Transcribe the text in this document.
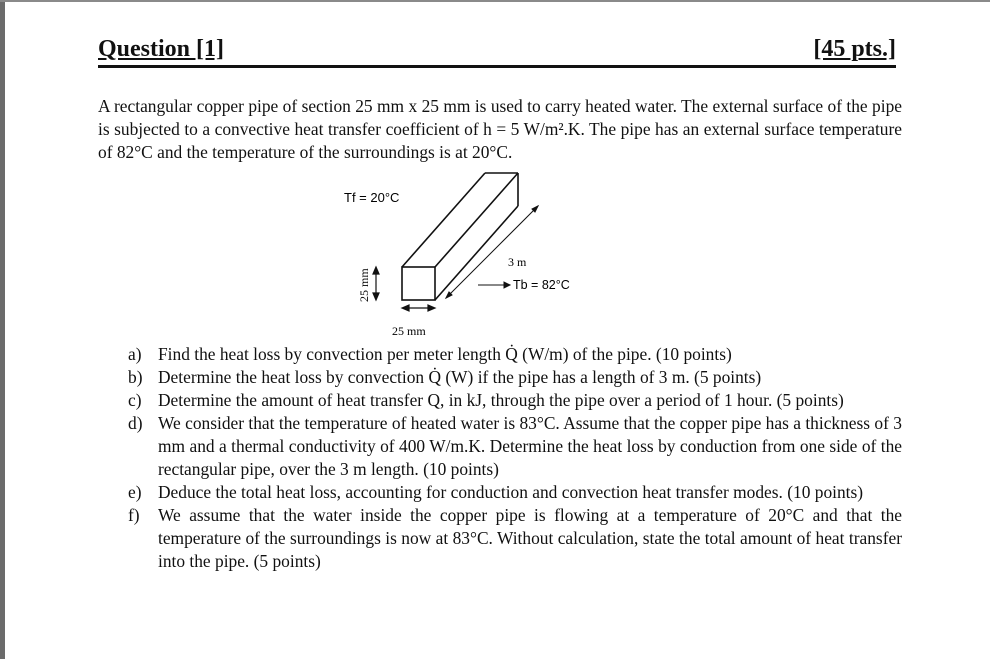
Question [1]	[45 pts.]

A rectangular copper pipe of section 25 mm x 25 mm is used to carry heated water. The external surface of the pipe is subjected to a convective heat transfer coefficient of h = 5 W/m².K. The pipe has an external surface temperature of 82°C and the temperature of the surroundings is at 20°C.

Tf = 20°C
3 m
Tb = 82°C
25 mm
25 mm
a) Find the heat loss by convection per meter length Q̇ (W/m) of the pipe. (10 points)
b) Determine the heat loss by convection Q̇ (W) if the pipe has a length of 3 m. (5 points)
c) Determine the amount of heat transfer Q, in kJ, through the pipe over a period of 1 hour. (5 points)
d) We consider that the temperature of heated water is 83°C. Assume that the copper pipe has a thickness of 3 mm and a thermal conductivity of 400 W/m.K. Determine the heat loss by conduction from one side of the rectangular pipe, over the 3 m length. (10 points)
e) Deduce the total heat loss, accounting for conduction and convection heat transfer modes. (10 points)
f) We assume that the water inside the copper pipe is flowing at a temperature of 20°C and that the temperature of the surroundings is now at 83°C. Without calculation, state the total amount of heat transfer into the pipe. (5 points)
